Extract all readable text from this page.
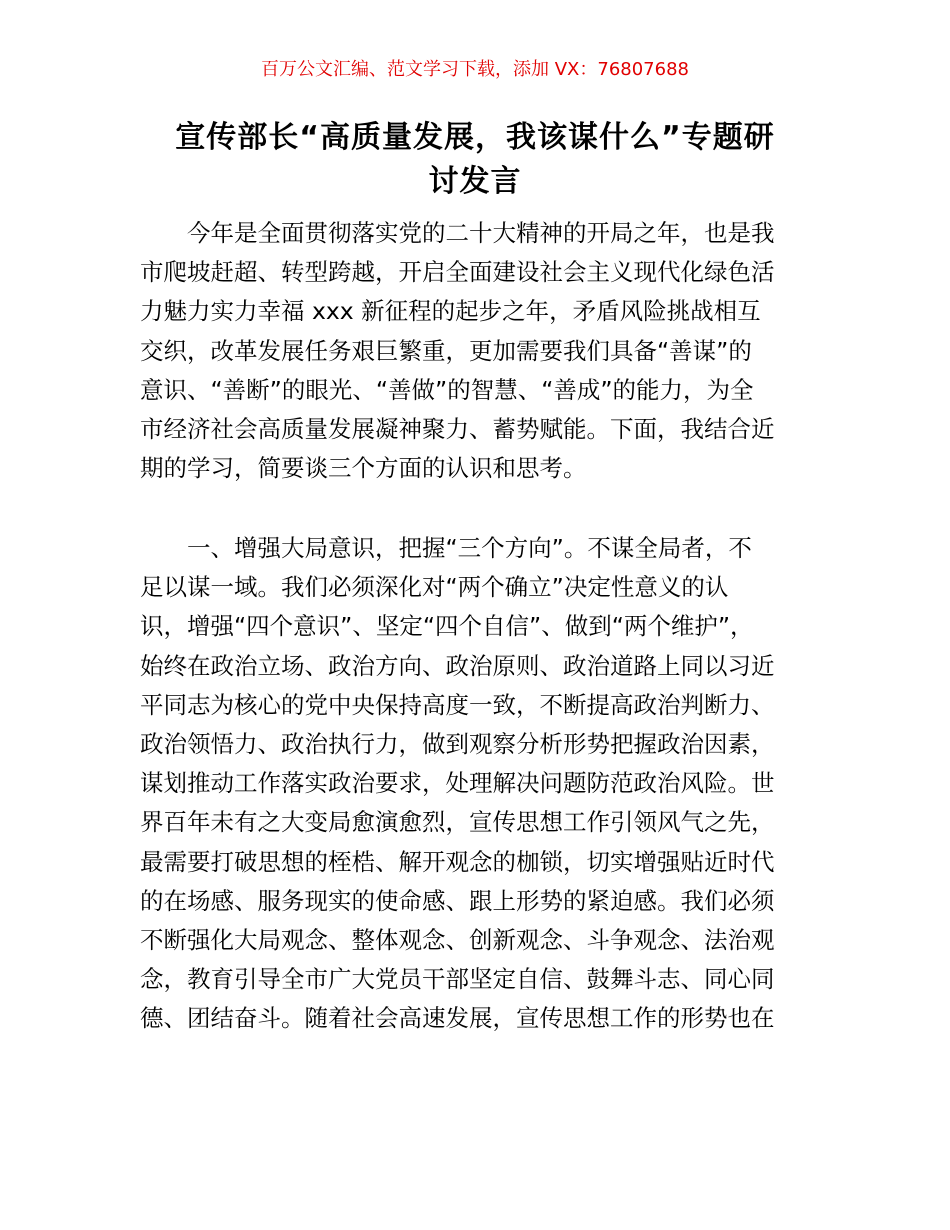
百万公文汇编、范文学习下载，添加 VX：76807688
宣传部长“高质量发展，我该谋什么”专题研
讨发言

　　今年是全面贯彻落实党的二十大精神的开局之年，也是我
市爬坡赶超、转型跨越，开启全面建设社会主义现代化绿色活
力魅力实力幸福 xxx 新征程的起步之年，矛盾风险挑战相互
交织，改革发展任务艰巨繁重，更加需要我们具备“善谋”的
意识、“善断”的眼光、“善做”的智慧、“善成”的能力，为全
市经济社会高质量发展凝神聚力、蓄势赋能。下面，我结合近
期的学习，简要谈三个方面的认识和思考。

　　一、增强大局意识，把握“三个方向”。不谋全局者，不
足以谋一域。我们必须深化对“两个确立”决定性意义的认
识，增强“四个意识”、坚定“四个自信”、做到“两个维护”，
始终在政治立场、政治方向、政治原则、政治道路上同以习近
平同志为核心的党中央保持高度一致，不断提高政治判断力、
政治领悟力、政治执行力，做到观察分析形势把握政治因素，
谋划推动工作落实政治要求，处理解决问题防范政治风险。世
界百年未有之大变局愈演愈烈，宣传思想工作引领风气之先，
最需要打破思想的桎梏、解开观念的枷锁，切实增强贴近时代
的在场感、服务现实的使命感、跟上形势的紧迫感。我们必须
不断强化大局观念、整体观念、创新观念、斗争观念、法治观
念，教育引导全市广大党员干部坚定自信、鼓舞斗志、同心同
德、团结奋斗。随着社会高速发展，宣传思想工作的形势也在
